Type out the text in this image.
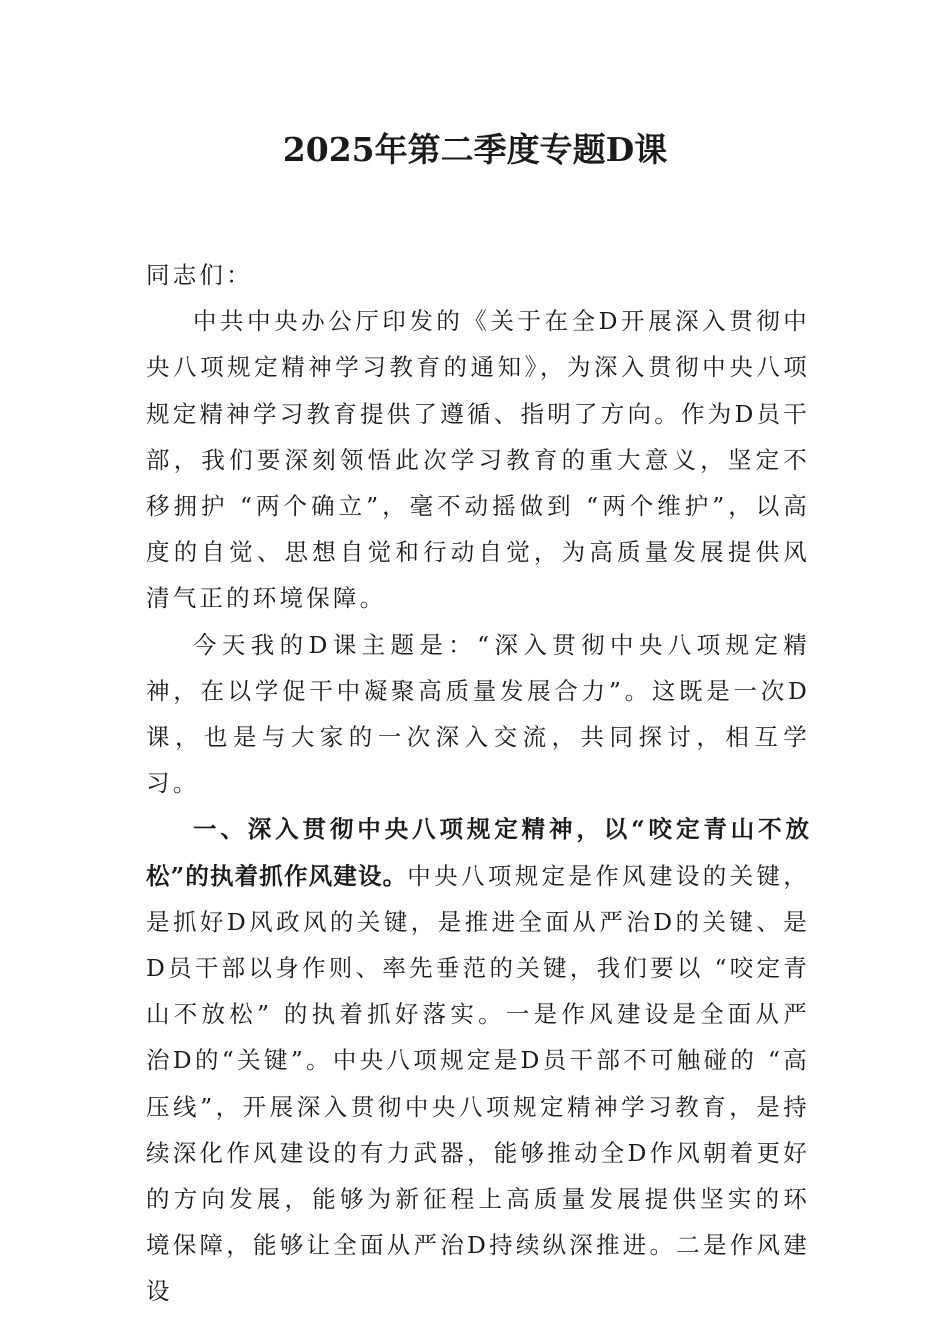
2025年第二季度专题D课

同志们：

中共中央办公厅印发的《关于在全D开展深入贯彻中央八项规定精神学习教育的通知》，为深入贯彻中央八项规定精神学习教育提供了遵循、指明了方向。作为D员干部，我们要深刻领悟此次学习教育的重大意义，坚定不移拥护 “两个确立”，毫不动摇做到 “两个维护”，以高度的自觉、思想自觉和行动自觉，为高质量发展提供风清气正的环境保障。

今天我的D课主题是：“深入贯彻中央八项规定精神，在以学促干中凝聚高质量发展合力”。这既是一次D课，也是与大家的一次深入交流，共同探讨，相互学习。

一、深入贯彻中央八项规定精神，以“咬定青山不放松”的执着抓作风建设。中央八项规定是作风建设的关键，是抓好D风政风的关键，是推进全面从严治D的关键、是D员干部以身作则、率先垂范的关键，我们要以 “咬定青山不放松” 的执着抓好落实。一是作风建设是全面从严治D的“关键”。中央八项规定是D员干部不可触碰的 “高压线”，开展深入贯彻中央八项规定精神学习教育，是持续深化作风建设的有力武器，能够推动全D作风朝着更好的方向发展，能够为新征程上高质量发展提供坚实的环境保障，能够让全面从严治D持续纵深推进。二是作风建设
